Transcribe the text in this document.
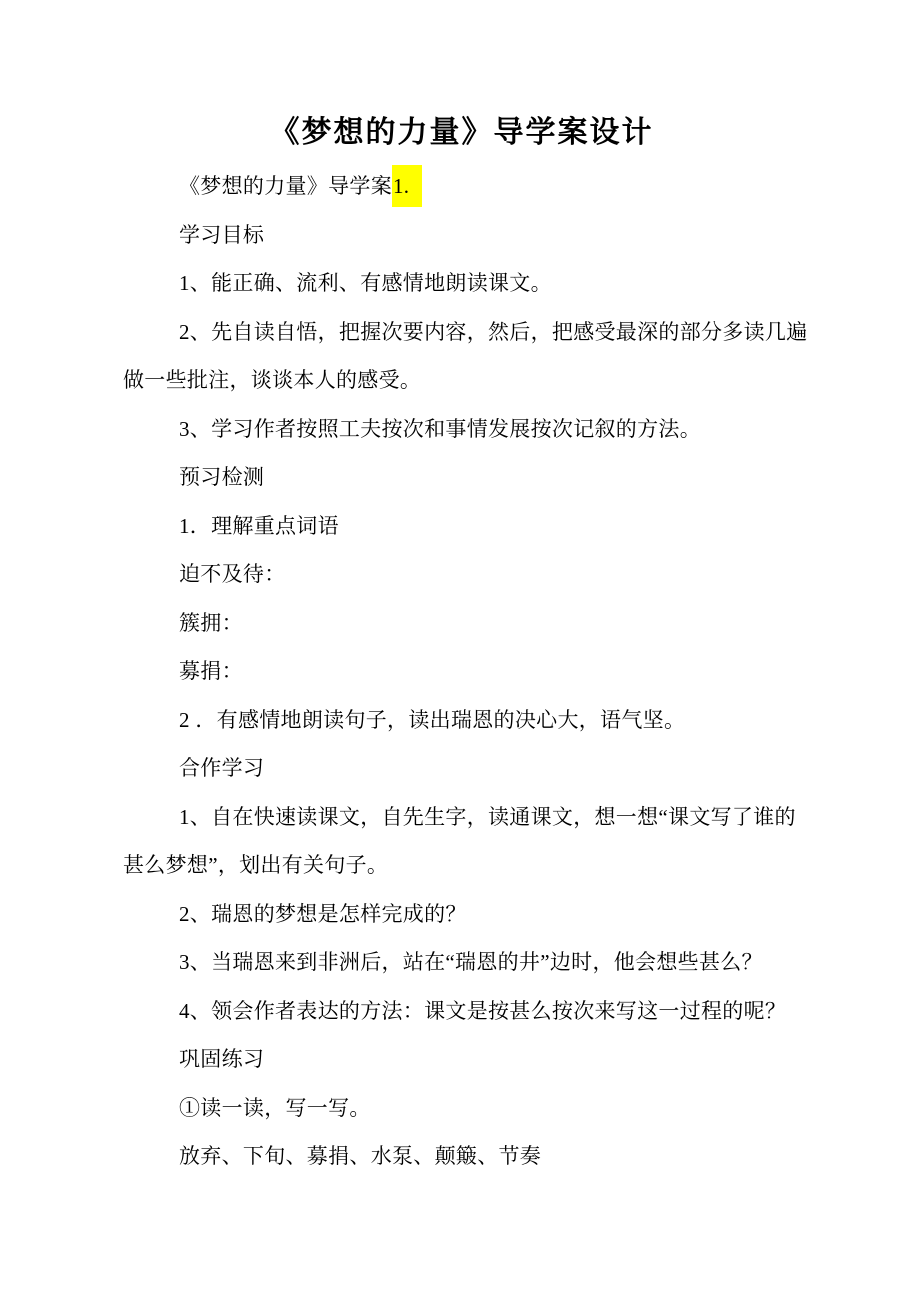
《梦想的力量》导学案设计
《梦想的力量》导学案1.
学习目标
1、能正确、流利、有感情地朗读课文。
2、先自读自悟，把握次要内容，然后，把感受最深的部分多读几遍
做一些批注，谈谈本人的感受。
3、学习作者按照工夫按次和事情发展按次记叙的方法。
预习检测
1．理解重点词语
迫不及待：
簇拥：
募捐：
2 ．有感情地朗读句子，读出瑞恩的决心大，语气坚。
合作学习
1、自在快速读课文，自先生字，读通课文，想一想“课文写了谁的
甚么梦想”，划出有关句子。
2、瑞恩的梦想是怎样完成的？
3、当瑞恩来到非洲后，站在“瑞恩的井”边时，他会想些甚么？
4、领会作者表达的方法：课文是按甚么按次来写这一过程的呢？
巩固练习
①读一读，写一写。
放弃、下旬、募捐、水泵、颠簸、节奏
